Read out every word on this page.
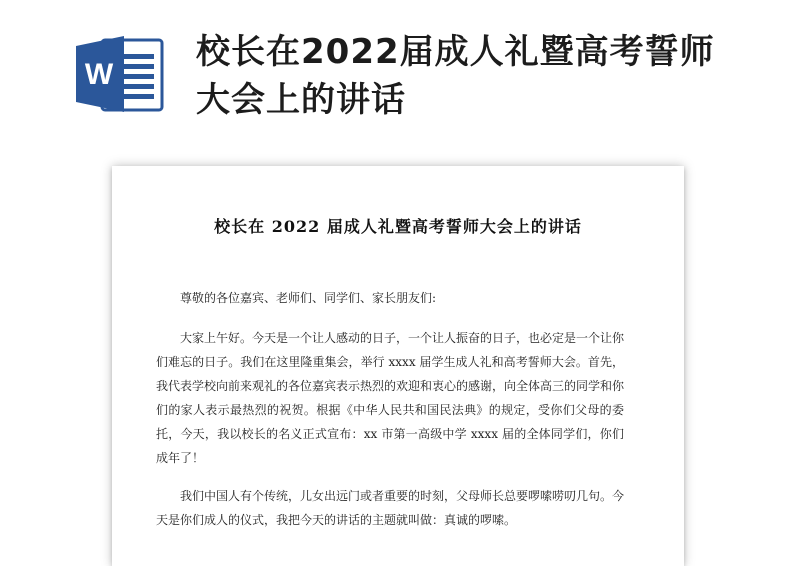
W
校长在2022届成人礼暨高考誓师大会上的讲话
校长在 2022 届成人礼暨高考誓师大会上的讲话

尊敬的各位嘉宾、老师们、同学们、家长朋友们:

大家上午好。今天是一个让人感动的日子，一个让人振奋的日子，也必定是一个让你们难忘的日子。我们在这里隆重集会，举行 xxxx 届学生成人礼和高考誓师大会。首先，我代表学校向前来观礼的各位嘉宾表示热烈的欢迎和衷心的感谢，向全体高三的同学和你们的家人表示最热烈的祝贺。根据《中华人民共和国民法典》的规定，受你们父母的委托，今天，我以校长的名义正式宣布：xx 市第一高级中学 xxxx 届的全体同学们，你们成年了！

我们中国人有个传统，儿女出远门或者重要的时刻，父母师长总要啰嗦唠叨几句。今天是你们成人的仪式，我把今天的讲话的主题就叫做：真诚的啰嗦。
